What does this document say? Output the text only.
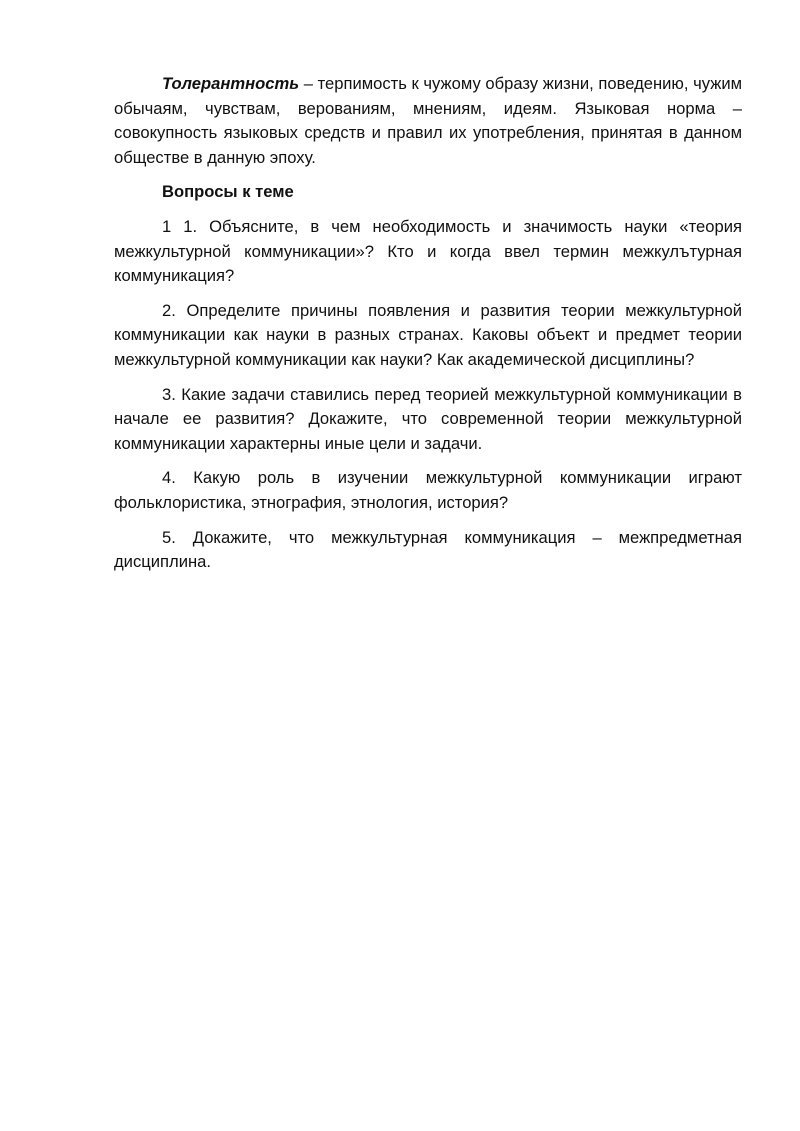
Толерантность – терпимость к чужому образу жизни, поведению, чужим обычаям, чувствам, верованиям, мнениям, идеям. Языковая норма – совокупность языковых средств и правил их употребления, принятая в данном обществе в данную эпоху.

Вопросы к теме

1 1. Объясните, в чем необходимость и значимость науки «теория межкультурной коммуникации»? Кто и когда ввел термин межкулътурная коммуникация?

2. Определите причины появления и развития теории межкультурной коммуникации как науки в разных странах. Каковы объект и предмет теории межкультурной коммуникации как науки? Как академической дисциплины?

3. Какие задачи ставились перед теорией межкультурной коммуникации в начале ее развития? Докажите, что современной теории межкультурной коммуникации характерны иные цели и задачи.

4. Какую роль в изучении межкультурной коммуникации играют фольклористика, этнография, этнология, история?

5. Докажите, что межкультурная коммуникация – межпредметная дисциплина.
